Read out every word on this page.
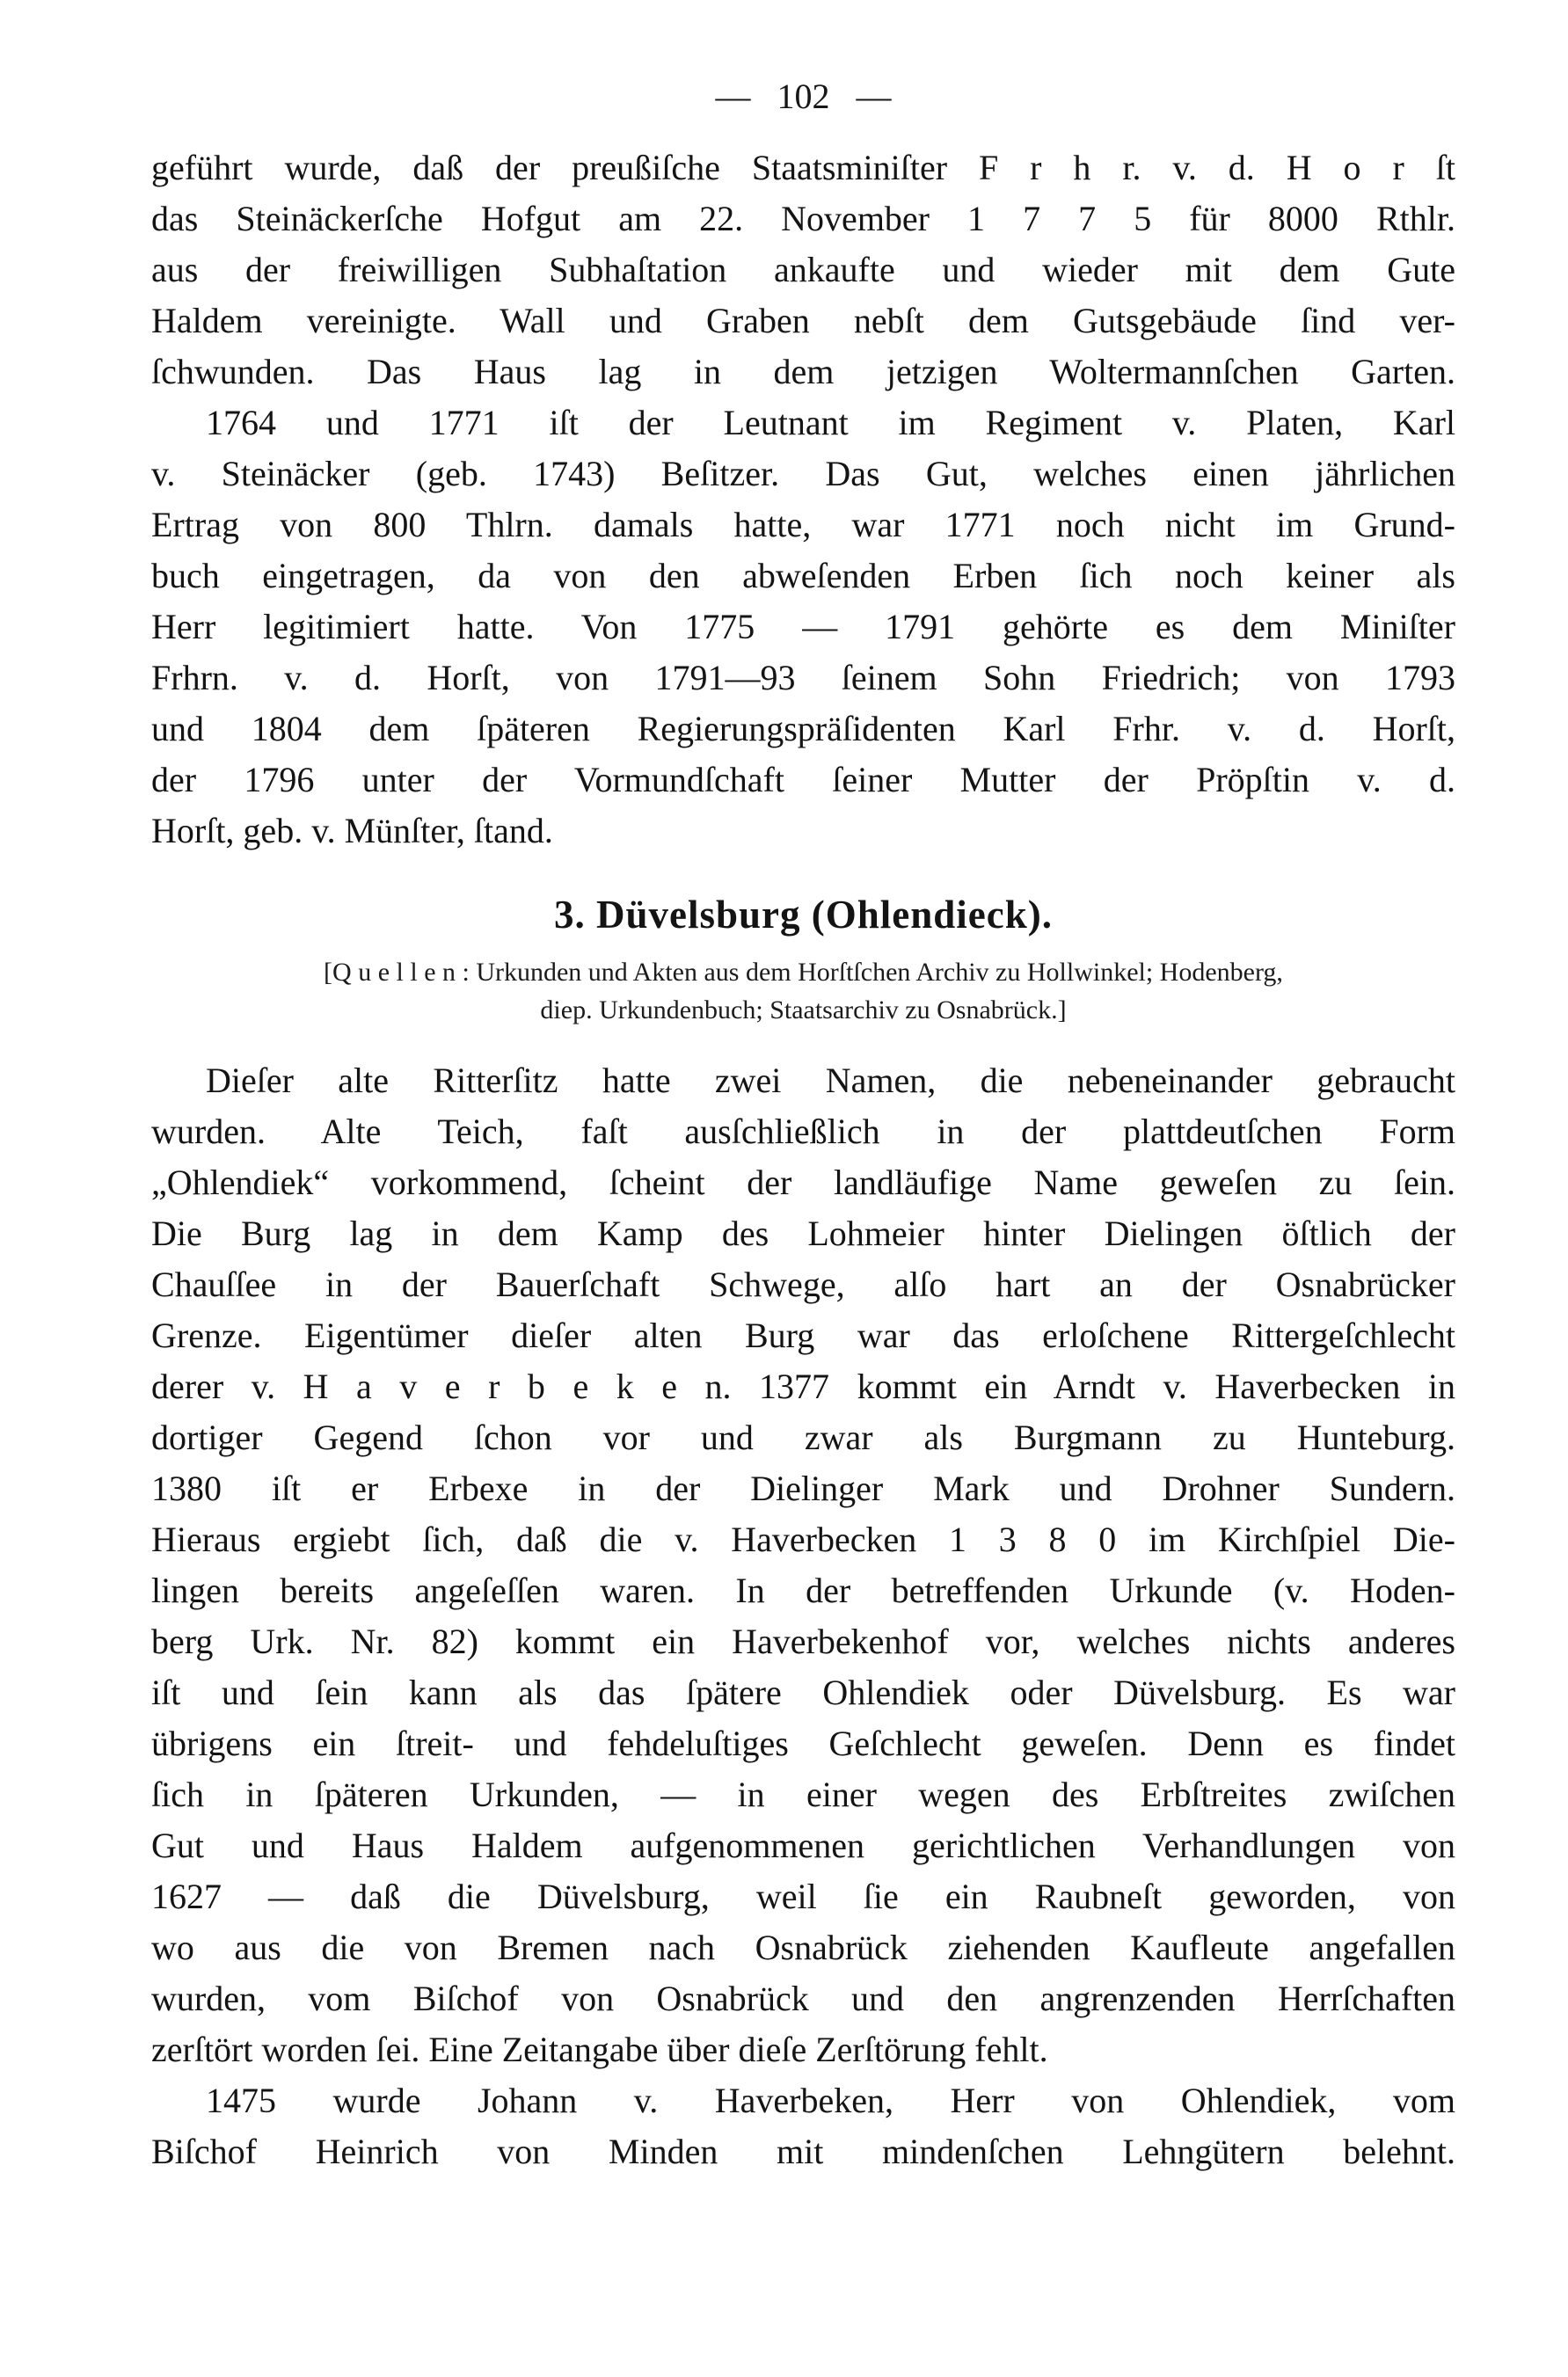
— 102 —
geführt wurde, daß der preußiſche Staatsminiſter F r h r. v. d. H o r ſt
das Steinäckerſche Hofgut am 22. November 1 7 7 5 für 8000 Rthlr.
aus der freiwilligen Subhaſtation ankaufte und wieder mit dem Gute
Haldem vereinigte. Wall und Graben nebſt dem Gutsgebäude ſind ver-
ſchwunden. Das Haus lag in dem jetzigen Woltermannſchen Garten.
1764 und 1771 iſt der Leutnant im Regiment v. Platen, Karl
v. Steinäcker (geb. 1743) Beſitzer. Das Gut, welches einen jährlichen
Ertrag von 800 Thlrn. damals hatte, war 1771 noch nicht im Grund-
buch eingetragen, da von den abweſenden Erben ſich noch keiner als
Herr legitimiert hatte. Von 1775 — 1791 gehörte es dem Miniſter
Frhrn. v. d. Horſt, von 1791—93 ſeinem Sohn Friedrich; von 1793
und 1804 dem ſpäteren Regierungspräſidenten Karl Frhr. v. d. Horſt,
der 1796 unter der Vormundſchaft ſeiner Mutter der Pröpſtin v. d.
Horſt, geb. v. Münſter, ſtand.
3. Düvelsburg (Ohlendieck).
[Q u e l l e n : Urkunden und Akten aus dem Horſtſchen Archiv zu Hollwinkel; Hodenberg,
diep. Urkundenbuch; Staatsarchiv zu Osnabrück.]
Dieſer alte Ritterſitz hatte zwei Namen, die nebeneinander gebraucht
wurden. Alte Teich, faſt ausſchließlich in der plattdeutſchen Form
„Ohlendiek“ vorkommend, ſcheint der landläufige Name geweſen zu ſein.
Die Burg lag in dem Kamp des Lohmeier hinter Dielingen öſtlich der
Chauſſee in der Bauerſchaft Schwege, alſo hart an der Osnabrücker
Grenze. Eigentümer dieſer alten Burg war das erloſchene Rittergeſchlecht
derer v. H a v e r b e k e n. 1377 kommt ein Arndt v. Haverbecken in
dortiger Gegend ſchon vor und zwar als Burgmann zu Hunteburg.
1380 iſt er Erbexe in der Dielinger Mark und Drohner Sundern.
Hieraus ergiebt ſich, daß die v. Haverbecken 1 3 8 0 im Kirchſpiel Die-
lingen bereits angeſeſſen waren. In der betreffenden Urkunde (v. Hoden-
berg Urk. Nr. 82) kommt ein Haverbekenhof vor, welches nichts anderes
iſt und ſein kann als das ſpätere Ohlendiek oder Düvelsburg. Es war
übrigens ein ſtreit- und fehdeluſtiges Geſchlecht geweſen. Denn es findet
ſich in ſpäteren Urkunden, — in einer wegen des Erbſtreites zwiſchen
Gut und Haus Haldem aufgenommenen gerichtlichen Verhandlungen von
1627 — daß die Düvelsburg, weil ſie ein Raubneſt geworden, von
wo aus die von Bremen nach Osnabrück ziehenden Kaufleute angefallen
wurden, vom Biſchof von Osnabrück und den angrenzenden Herrſchaften
zerſtört worden ſei. Eine Zeitangabe über dieſe Zerſtörung fehlt.
1475 wurde Johann v. Haverbeken, Herr von Ohlendiek, vom
Biſchof Heinrich von Minden mit mindenſchen Lehngütern belehnt.
